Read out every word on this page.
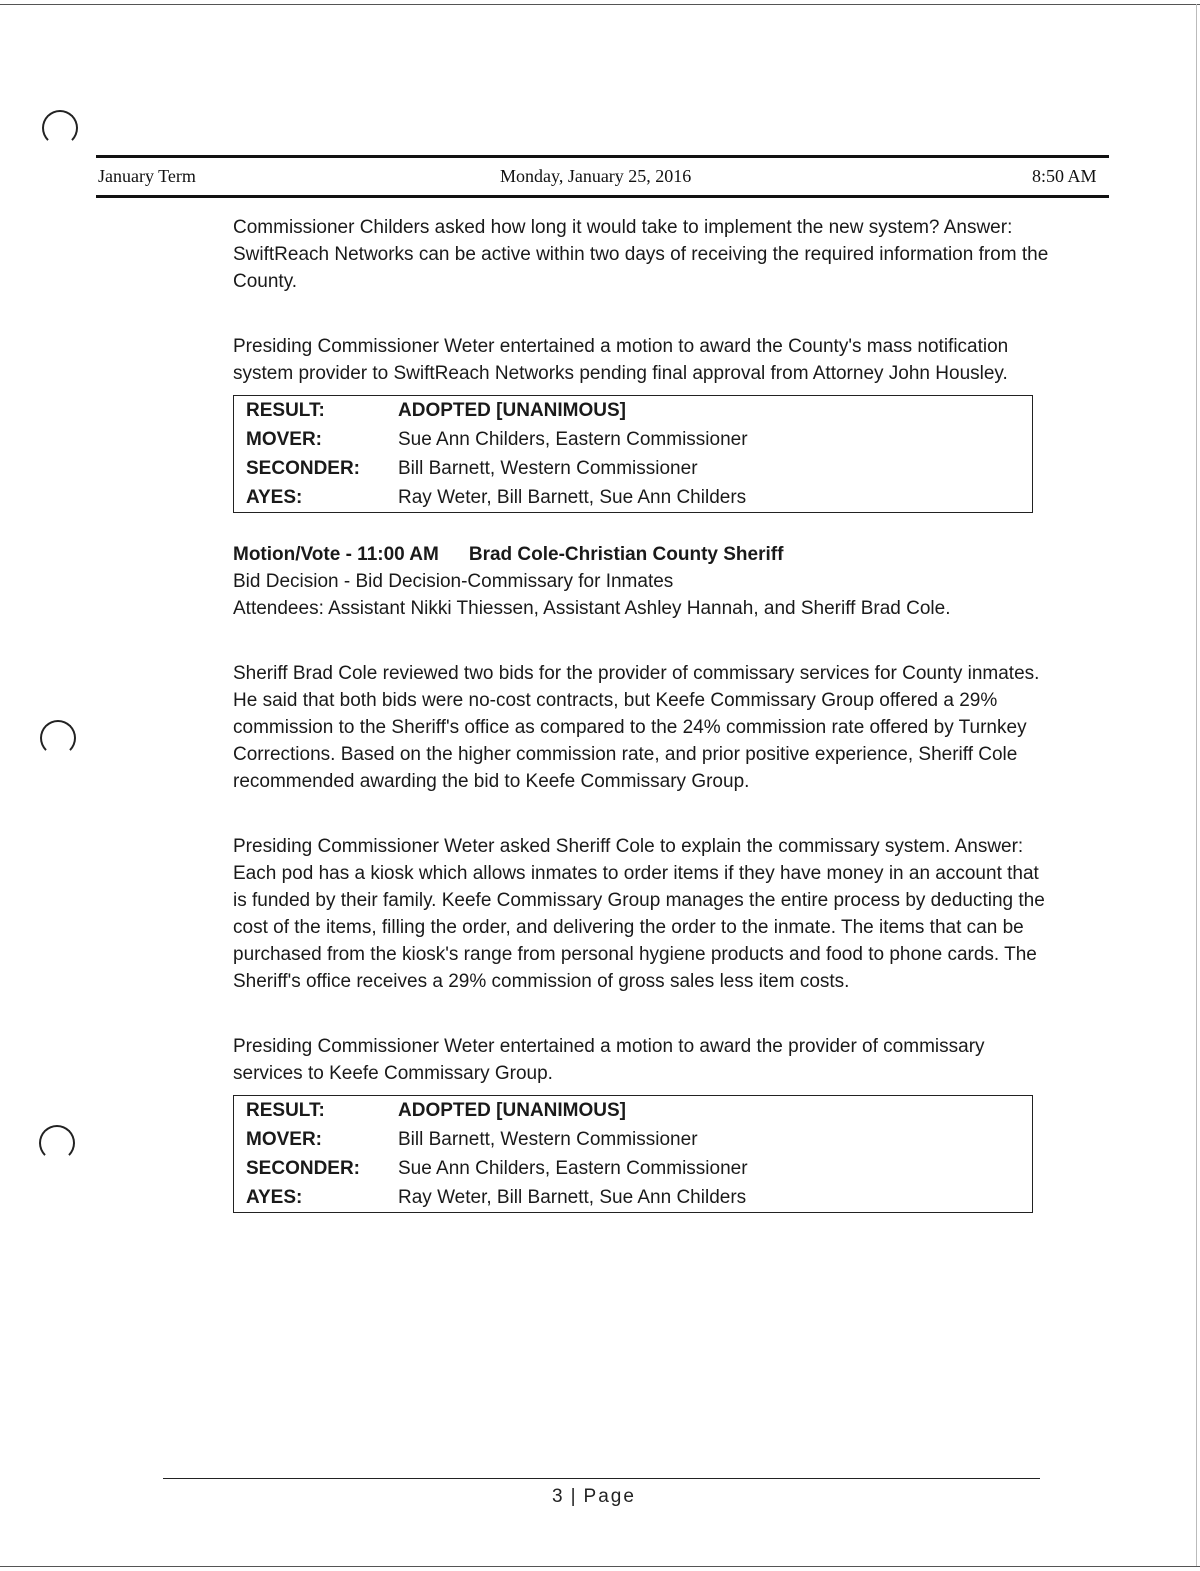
January Term	Monday, January 25, 2016	8:50 AM

Commissioner Childers asked how long it would take to implement the new system? Answer: SwiftReach Networks can be active within two days of receiving the required information from the County.

Presiding Commissioner Weter entertained a motion to award the County's mass notification system provider to SwiftReach Networks pending final approval from Attorney John Housley.

RESULT:	ADOPTED [UNANIMOUS]
MOVER:	Sue Ann Childers, Eastern Commissioner
SECONDER:	Bill Barnett, Western Commissioner
AYES:	Ray Weter, Bill Barnett, Sue Ann Childers

Motion/Vote - 11:00 AM Brad Cole-Christian County Sheriff

Bid Decision - Bid Decision-Commissary for Inmates

Attendees: Assistant Nikki Thiessen, Assistant Ashley Hannah, and Sheriff Brad Cole.

Sheriff Brad Cole reviewed two bids for the provider of commissary services for County inmates. He said that both bids were no-cost contracts, but Keefe Commissary Group offered a 29% commission to the Sheriff's office as compared to the 24% commission rate offered by Turnkey Corrections. Based on the higher commission rate, and prior positive experience, Sheriff Cole recommended awarding the bid to Keefe Commissary Group.

Presiding Commissioner Weter asked Sheriff Cole to explain the commissary system. Answer: Each pod has a kiosk which allows inmates to order items if they have money in an account that is funded by their family. Keefe Commissary Group manages the entire process by deducting the cost of the items, filling the order, and delivering the order to the inmate. The items that can be purchased from the kiosk's range from personal hygiene products and food to phone cards. The Sheriff's office receives a 29% commission of gross sales less item costs.

Presiding Commissioner Weter entertained a motion to award the provider of commissary services to Keefe Commissary Group.

RESULT:	ADOPTED [UNANIMOUS]
MOVER:	Bill Barnett, Western Commissioner
SECONDER:	Sue Ann Childers, Eastern Commissioner
AYES:	Ray Weter, Bill Barnett, Sue Ann Childers
3 | Page
